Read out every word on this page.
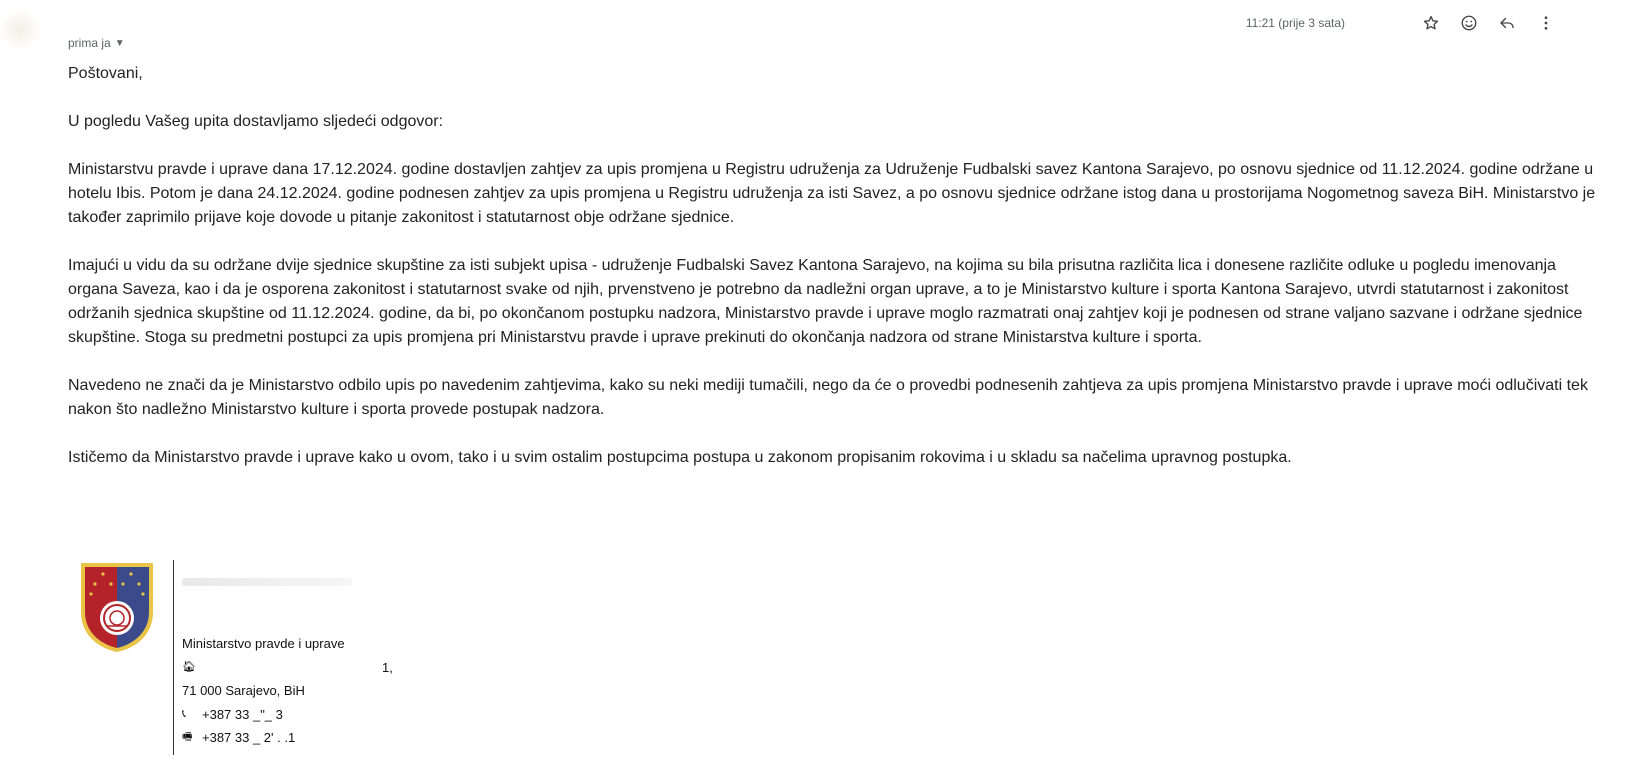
prima ja ▼
11:21 (prije 3 sata)

Poštovani,

U pogledu Vašeg upita dostavljamo sljedeći odgovor:

Ministarstvu pravde i uprave dana 17.12.2024. godine dostavljen zahtjev za upis promjena u Registru udruženja za Udruženje Fudbalski savez Kantona Sarajevo, po osnovu sjednice od 11.12.2024. godine održane u hotelu Ibis. Potom je dana 24.12.2024. godine podnesen zahtjev za upis promjena u Registru udruženja za isti Savez, a po osnovu sjednice održane istog dana u prostorijama Nogometnog saveza BiH. Ministarstvo je također zaprimilo prijave koje dovode u pitanje zakonitost i statutarnost obje održane sjednice.

Imajući u vidu da su održane dvije sjednice skupštine za isti subjekt upisa - udruženje Fudbalski Savez Kantona Sarajevo, na kojima su bila prisutna različita lica i donesene različite odluke u pogledu imenovanja organa Saveza, kao i da je osporena zakonitost i statutarnost svake od njih, prvenstveno je potrebno da nadležni organ uprave, a to je Ministarstvo kulture i sporta Kantona Sarajevo, utvrdi statutarnost i zakonitost održanih sjednica skupštine od 11.12.2024. godine, da bi, po okončanom postupku nadzora, Ministarstvo pravde i uprave moglo razmatrati onaj zahtjev koji je podnesen od strane valjano sazvane i održane sjednice skupštine. Stoga su predmetni postupci za upis promjena pri Ministarstvu pravde i uprave prekinuti do okončanja nadzora od strane Ministarstva kulture i sporta.

Navedeno ne znači da je Ministarstvo odbilo upis po navedenim zahtjevima, kako su neki mediji tumačili, nego da će o provedbi podnesenih zahtjeva za upis promjena Ministarstvo pravde i uprave moći odlučivati tek nakon što nadležno Ministarstvo kulture i sporta provede postupak nadzora.

Ističemo da Ministarstvo pravde i uprave kako u ovom, tako i u svim ostalim postupcima postupa u zakonom propisanim rokovima i u skladu sa načelima upravnog postupka.

Ministarstvo pravde i uprave
🏠︎	1,
71 000 Sarajevo, BiH
📞︎	+387 33 _"_ 3
🖷︎ +387 33 _ 2' . .1
